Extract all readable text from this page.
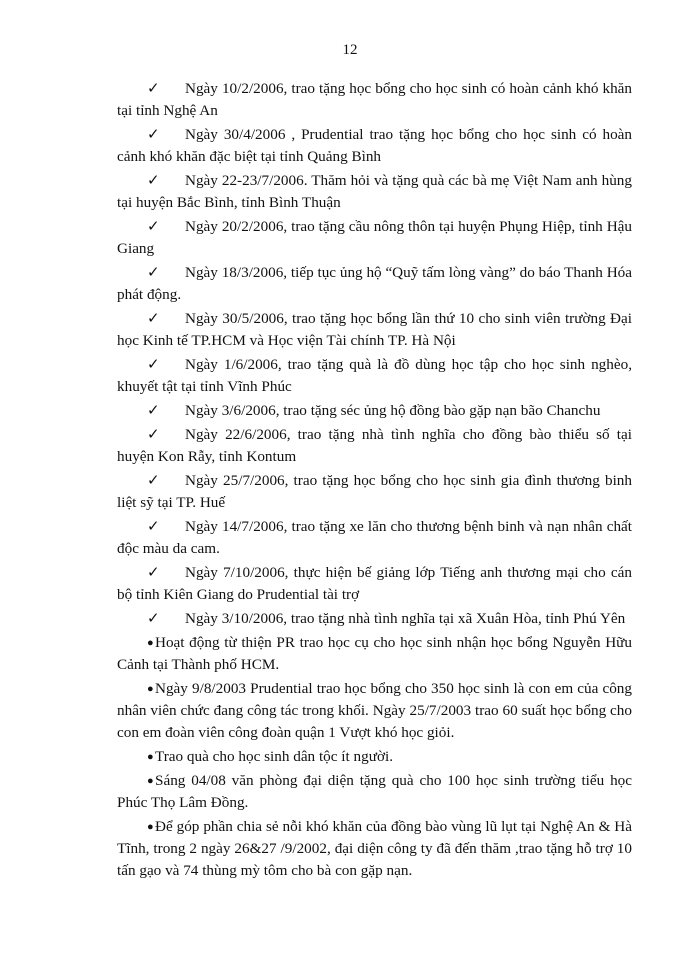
12
✓ Ngày 10/2/2006, trao tặng học bổng cho học sinh có hoàn cảnh khó khăn tại tỉnh Nghệ An
✓ Ngày 30/4/2006 , Prudential trao tặng học bổng cho học sinh có hoàn cảnh khó khăn đặc biệt tại tỉnh Quảng Bình
✓ Ngày 22-23/7/2006. Thăm hỏi và tặng quà các bà mẹ Việt Nam anh hùng tại huyện Bắc Bình, tỉnh Bình Thuận
✓ Ngày 20/2/2006, trao tặng cầu nông thôn tại huyện Phụng Hiệp, tỉnh Hậu Giang
✓ Ngày 18/3/2006, tiếp tục ủng hộ “Quỹ tấm lòng vàng” do báo Thanh Hóa phát động.
✓ Ngày 30/5/2006, trao tặng học bổng lần thứ 10 cho sinh viên trường Đại học Kinh tế TP.HCM và Học viện Tài chính TP. Hà Nội
✓ Ngày 1/6/2006, trao tặng quà là đồ dùng học tập cho học sinh nghèo, khuyết tật tại tỉnh Vĩnh Phúc
✓ Ngày 3/6/2006, trao tặng séc ủng hộ đồng bào gặp nạn bão Chanchu
✓ Ngày 22/6/2006, trao tặng nhà tình nghĩa cho đồng bào thiểu số tại huyện Kon Rẫy, tỉnh Kontum
✓ Ngày 25/7/2006, trao tặng học bổng cho học sinh gia đình thương binh liệt sỹ tại TP. Huế
✓ Ngày 14/7/2006, trao tặng xe lăn cho thương bệnh binh và nạn nhân chất độc màu da cam.
✓ Ngày 7/10/2006, thực hiện bế giảng lớp Tiếng anh thương mại cho cán bộ tỉnh Kiên Giang do Prudential tài trợ
✓ Ngày 3/10/2006, trao tặng nhà tình nghĩa tại xã Xuân Hòa, tỉnh Phú Yên
●Hoạt động từ thiện PR trao học cụ cho học sinh nhận học bổng Nguyễn Hữu Cảnh tại Thành phố HCM.
●Ngày 9/8/2003 Prudential trao học bổng cho 350 học sinh là con em của công nhân viên chức đang công tác trong khối. Ngày 25/7/2003 trao 60 suất học bổng cho con em đoàn viên công đoàn quận 1 Vượt khó học giỏi.
●Trao quà cho học sinh dân tộc ít người.
●Sáng 04/08 văn phòng đại diện tặng quà cho 100 học sinh trường tiểu học Phúc Thọ Lâm Đồng.
●Để góp phần chia sẻ nỗi khó khăn của đồng bào vùng lũ lụt tại Nghệ An & Hà Tĩnh, trong 2 ngày 26&27 /9/2002, đại diện công ty đã đến thăm ,trao tặng hỗ trợ 10 tấn gạo và 74 thùng mỳ tôm cho bà con gặp nạn.
